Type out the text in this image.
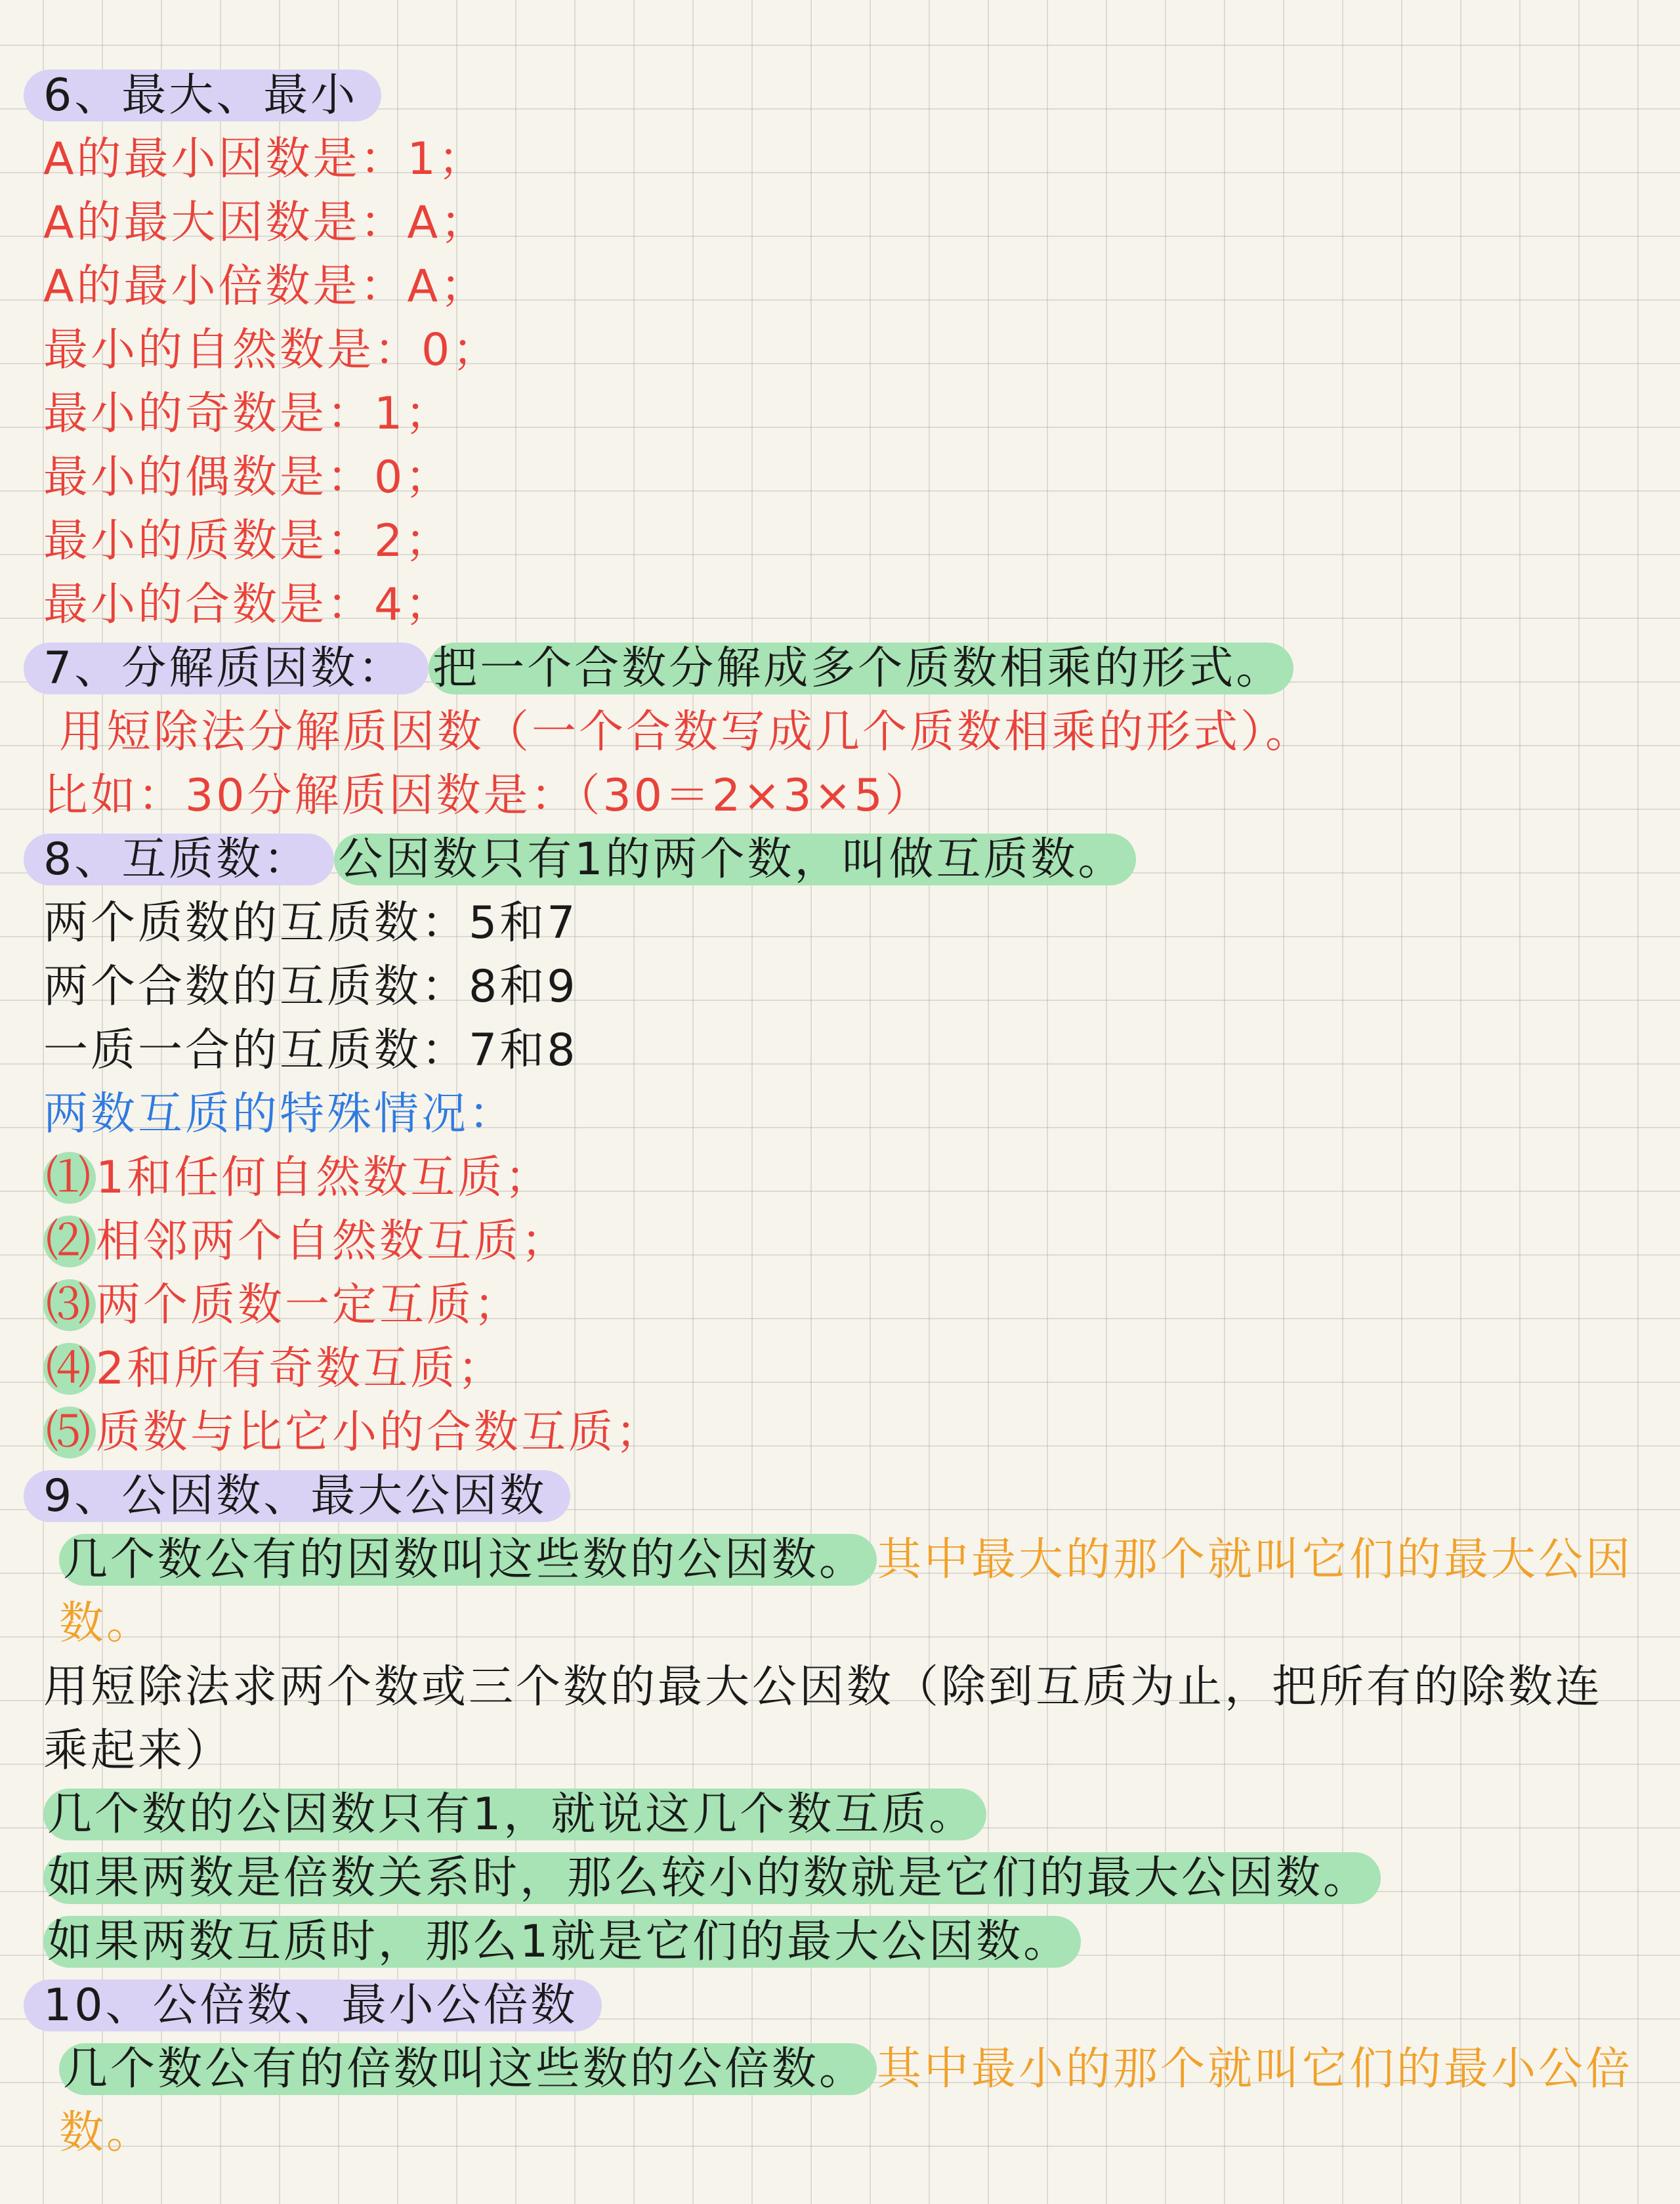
6、最大、最小
A的最小因数是：1；
A的最大因数是：A；
A的最小倍数是：A；
最小的自然数是：0；
最小的奇数是：1；
最小的偶数是：0；
最小的质数是：2；
最小的合数是：4；
7、分解质因数： 把一个合数分解成多个质数相乘的形式。
用短除法分解质因数（一个合数写成几个质数相乘的形式）。
比如：30分解质因数是：（30＝2×3×5）
8、互质数： 公因数只有1的两个数，叫做互质数。
两个质数的互质数：5和7
两个合数的互质数：8和9
一质一合的互质数：7和8
两数互质的特殊情况：
⑴1和任何自然数互质；
⑵相邻两个自然数互质；
⑶两个质数一定互质；
⑷2和所有奇数互质；
⑸质数与比它小的合数互质；
9、公因数、最大公因数
几个数公有的因数叫这些数的公因数。 其中最大的那个就叫它们的最大公因数。
用短除法求两个数或三个数的最大公因数（除到互质为止，把所有的除数连乘起来）
几个数的公因数只有1，就说这几个数互质。
如果两数是倍数关系时，那么较小的数就是它们的最大公因数。
如果两数互质时，那么1就是它们的最大公因数。
10、公倍数、最小公倍数
几个数公有的倍数叫这些数的公倍数。 其中最小的那个就叫它们的最小公倍数。
